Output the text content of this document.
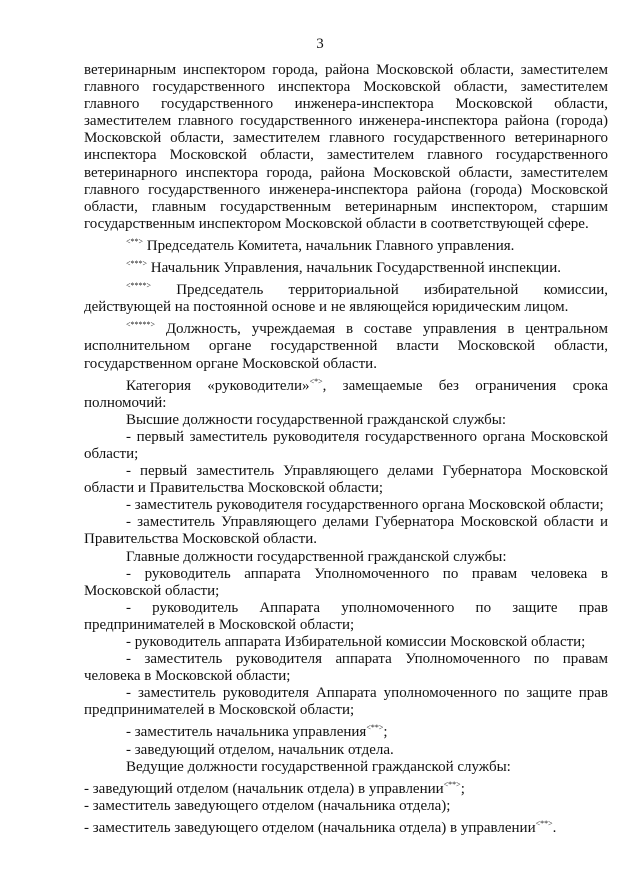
3

ветеринарным инспектором города, района Московской области, заместителем главного государственного инспектора Московской области, заместителем главного государственного инженера-инспектора Московской области, заместителем главного государственного инженера-инспектора района (города) Московской области, заместителем главного государственного ветеринарного инспектора Московской области, заместителем главного государственного ветеринарного инспектора города, района Московской области, заместителем главного государственного инженера-инспектора района (города) Московской области, главным государственным ветеринарным инспектором, старшим государственным инспектором Московской области в соответствующей сфере.

<**> Председатель Комитета, начальник Главного управления.

<***> Начальник Управления, начальник Государственной инспекции.

<****> Председатель территориальной избирательной комиссии, действующей на постоянной основе и не являющейся юридическим лицом.

<*****> Должность, учреждаемая в составе управления в центральном исполнительном органе государственной власти Московской области, государственном органе Московской области.

Категория «руководители»<*>, замещаемые без ограничения срока полномочий:

Высшие должности государственной гражданской службы:

- первый заместитель руководителя государственного органа Московской области;

- первый заместитель Управляющего делами Губернатора Московской области и Правительства Московской области;

- заместитель руководителя государственного органа Московской области;

- заместитель Управляющего делами Губернатора Московской области и Правительства Московской области.

Главные должности государственной гражданской службы:

- руководитель аппарата Уполномоченного по правам человека в Московской области;

- руководитель Аппарата уполномоченного по защите прав предпринимателей в Московской области;

- руководитель аппарата Избирательной комиссии Московской области;

- заместитель руководителя аппарата Уполномоченного по правам человека в Московской области;

- заместитель руководителя Аппарата уполномоченного по защите прав предпринимателей в Московской области;

- заместитель начальника управления<**>;

- заведующий отделом, начальник отдела.

Ведущие должности государственной гражданской службы:

- заведующий отделом (начальник отдела) в управлении<**>;

- заместитель заведующего отделом (начальника отдела);

- заместитель заведующего отделом (начальника отдела) в управлении<**>.
